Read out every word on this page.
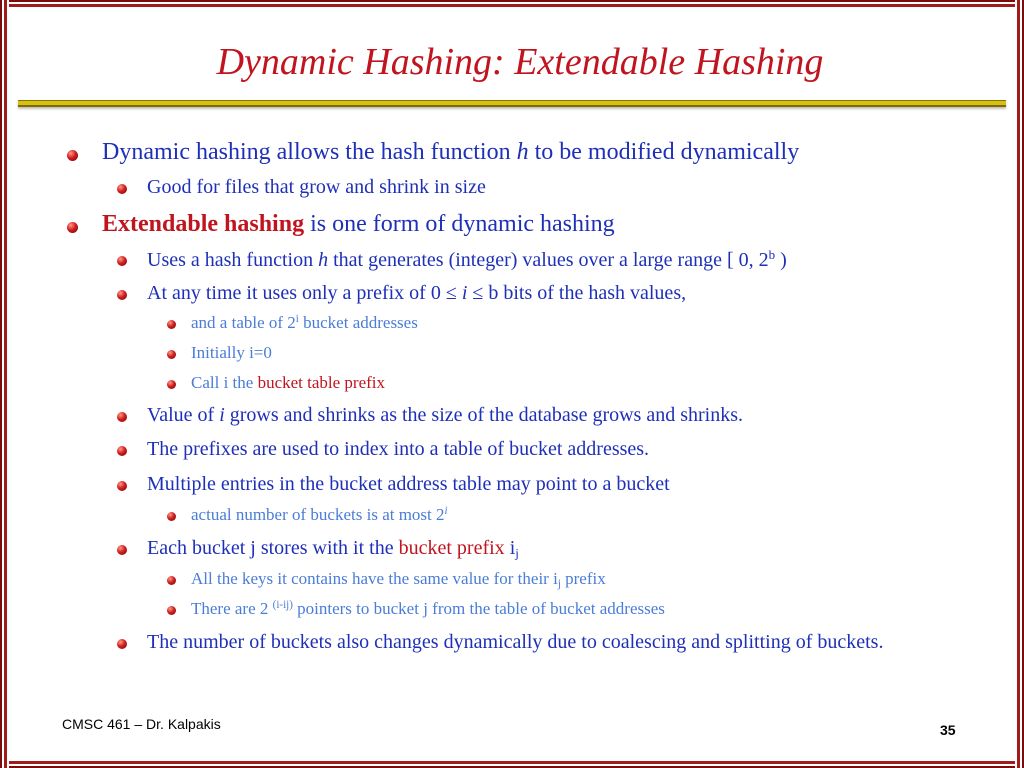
Dynamic Hashing: Extendable Hashing
Dynamic hashing allows the hash function h to be modified dynamically
Good for files that grow and shrink in size
Extendable hashing is one form of dynamic hashing
Uses a hash function h that generates (integer) values over a large range [ 0, 2$^b$ )
At any time it uses only a prefix of 0 ≤ i ≤ b bits of the hash values,
and a table of 2$^i$ bucket addresses
Initially i=0
Call i the bucket table prefix
Value of i grows and shrinks as the size of the database grows and shrinks.
The prefixes are used to index into a table of bucket addresses.
Multiple entries in the bucket address table may point to a bucket
actual number of buckets is at most 2$^i$
Each bucket j stores with it the bucket prefix $i_j$
All the keys it contains have the same value for their $i_j$ prefix
There are 2 $^{(i-ij)}$ pointers to bucket j from the table of bucket addresses
The number of buckets also changes dynamically due to coalescing and splitting of buckets.
CMSC 461 – Dr. Kalpakis	35
